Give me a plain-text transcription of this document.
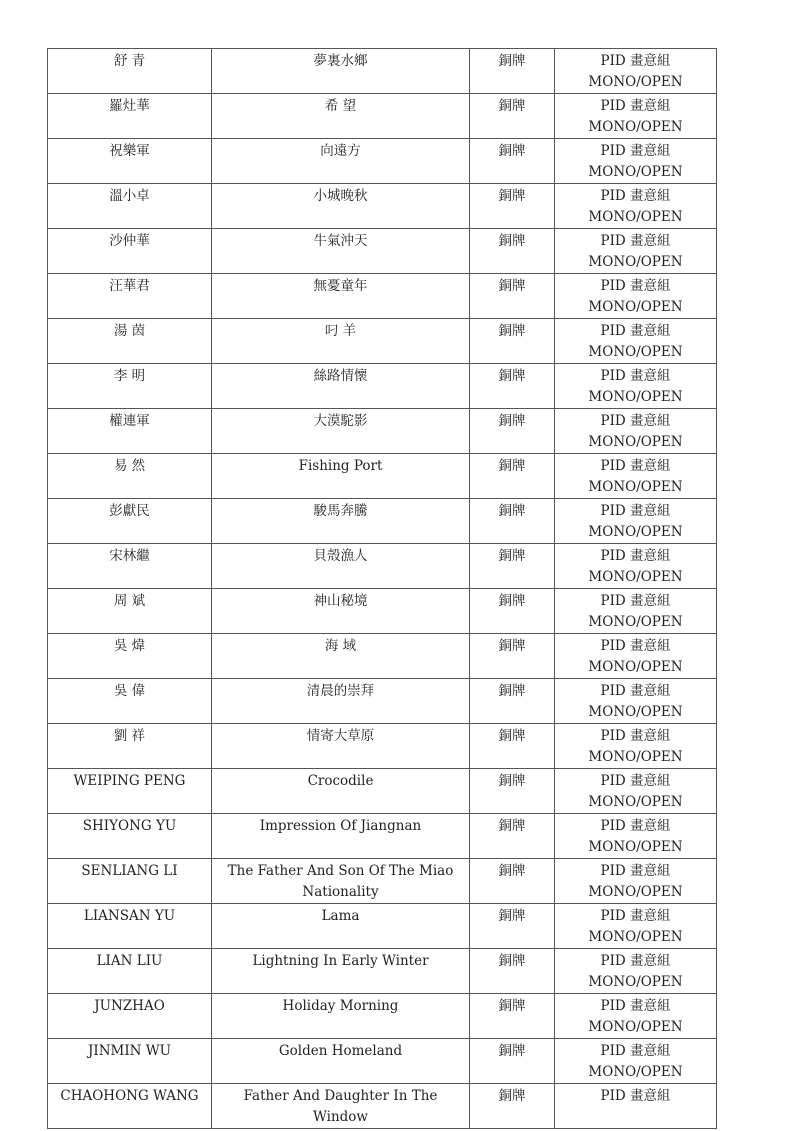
舒 青	夢裏水鄉	銅牌	PID 畫意組
MONO/OPEN

羅灶華	希 望	銅牌	PID 畫意組
MONO/OPEN

祝樂軍	向遠方	銅牌	PID 畫意組
MONO/OPEN

溫小卓	小城晚秋	銅牌	PID 畫意組
MONO/OPEN

沙仲華	牛氣沖天	銅牌	PID 畫意組
MONO/OPEN

汪華君	無憂童年	銅牌	PID 畫意組
MONO/OPEN

湯 茵	叼 羊	銅牌	PID 畫意組
MONO/OPEN

李 明	絲路情懷	銅牌	PID 畫意組
MONO/OPEN

權連軍	大漠駝影	銅牌	PID 畫意組
MONO/OPEN

易 然	Fishing Port	銅牌	PID 畫意組
MONO/OPEN

彭獻民	駿馬奔騰	銅牌	PID 畫意組
MONO/OPEN

宋林繼	貝殼漁人	銅牌	PID 畫意組
MONO/OPEN

周 斌	神山秘境	銅牌	PID 畫意組
MONO/OPEN

吳 煒	海 域	銅牌	PID 畫意組
MONO/OPEN

吳 偉	清晨的崇拜	銅牌	PID 畫意組
MONO/OPEN

劉 祥	情寄大草原	銅牌	PID 畫意組
MONO/OPEN

WEIPING PENG	Crocodile	銅牌	PID 畫意組
MONO/OPEN

SHIYONG YU	Impression Of Jiangnan	銅牌	PID 畫意組
MONO/OPEN

SENLIANG LI	The Father And Son Of The Miao Nationality	銅牌	PID 畫意組
MONO/OPEN

LIANSAN YU	Lama	銅牌	PID 畫意組
MONO/OPEN

LIAN LIU	Lightning In Early Winter	銅牌	PID 畫意組
MONO/OPEN

JUNZHAO	Holiday Morning	銅牌	PID 畫意組
MONO/OPEN

JINMIN WU	Golden Homeland	銅牌	PID 畫意組
MONO/OPEN

CHAOHONG WANG	Father And Daughter In The Window	銅牌	PID 畫意組
